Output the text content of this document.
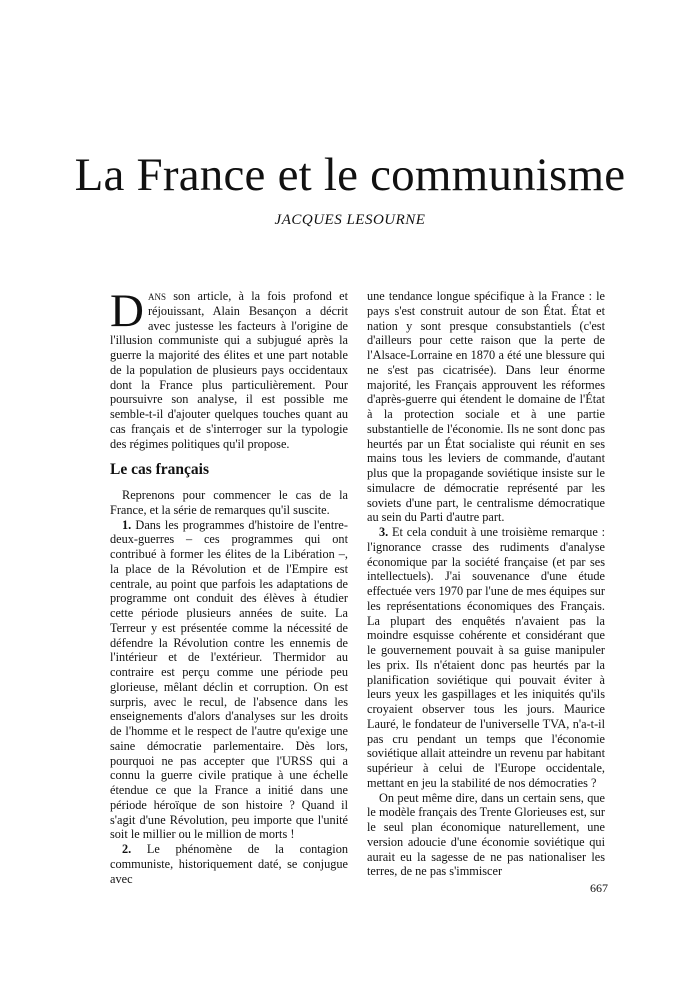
La France et le communisme

JACQUES LESOURNE

Dans son article, à la fois profond et réjouissant, Alain Besançon a décrit avec justesse les facteurs à l'origine de l'illusion communiste qui a subjugué après la guerre la majorité des élites et une part notable de la population de plusieurs pays occidentaux dont la France plus particulièrement. Pour poursuivre son analyse, il est possible me semble-t-il d'ajouter quelques touches quant au cas français et de s'interroger sur la typologie des régimes politiques qu'il propose.

Le cas français

Reprenons pour commencer le cas de la France, et la série de remarques qu'il suscite.

1. Dans les programmes d'histoire de l'entre-deux-guerres – ces programmes qui ont contribué à former les élites de la Libération –, la place de la Révolution et de l'Empire est centrale, au point que parfois les adaptations de programme ont conduit des élèves à étudier cette période plusieurs années de suite. La Terreur y est présentée comme la nécessité de défendre la Révolution contre les ennemis de l'intérieur et de l'extérieur. Thermidor au contraire est perçu comme une période peu glorieuse, mêlant déclin et corruption. On est surpris, avec le recul, de l'absence dans les enseignements d'alors d'analyses sur les droits de l'homme et le respect de l'autre qu'exige une saine démocratie parlementaire. Dès lors, pourquoi ne pas accepter que l'URSS qui a connu la guerre civile pratique à une échelle étendue ce que la France a initié dans une période héroïque de son histoire ? Quand il s'agit d'une Révolution, peu importe que l'unité soit le millier ou le million de morts !

2. Le phénomène de la contagion communiste, historiquement daté, se conjugue avec

une tendance longue spécifique à la France : le pays s'est construit autour de son État. État et nation y sont presque consubstantiels (c'est d'ailleurs pour cette raison que la perte de l'Alsace-Lorraine en 1870 a été une blessure qui ne s'est pas cicatrisée). Dans leur énorme majorité, les Français approuvent les réformes d'après-guerre qui étendent le domaine de l'État à la protection sociale et à une partie substantielle de l'économie. Ils ne sont donc pas heurtés par un État socialiste qui réunit en ses mains tous les leviers de commande, d'autant plus que la propagande soviétique insiste sur le simulacre de démocratie représenté par les soviets d'une part, le centralisme démocratique au sein du Parti d'autre part.

3. Et cela conduit à une troisième remarque : l'ignorance crasse des rudiments d'analyse économique par la société française (et par ses intellectuels). J'ai souvenance d'une étude effectuée vers 1970 par l'une de mes équipes sur les représentations économiques des Français. La plupart des enquêtés n'avaient pas la moindre esquisse cohérente et considérant que le gouvernement pouvait à sa guise manipuler les prix. Ils n'étaient donc pas heurtés par la planification soviétique qui pouvait éviter à leurs yeux les gaspillages et les iniquités qu'ils croyaient observer tous les jours. Maurice Lauré, le fondateur de l'universelle TVA, n'a-t-il pas cru pendant un temps que l'économie soviétique allait atteindre un revenu par habitant supérieur à celui de l'Europe occidentale, mettant en jeu la stabilité de nos démocraties ?

On peut même dire, dans un certain sens, que le modèle français des Trente Glorieuses est, sur le seul plan économique naturellement, une version adoucie d'une économie soviétique qui aurait eu la sagesse de ne pas nationaliser les terres, de ne pas s'immiscer

667
